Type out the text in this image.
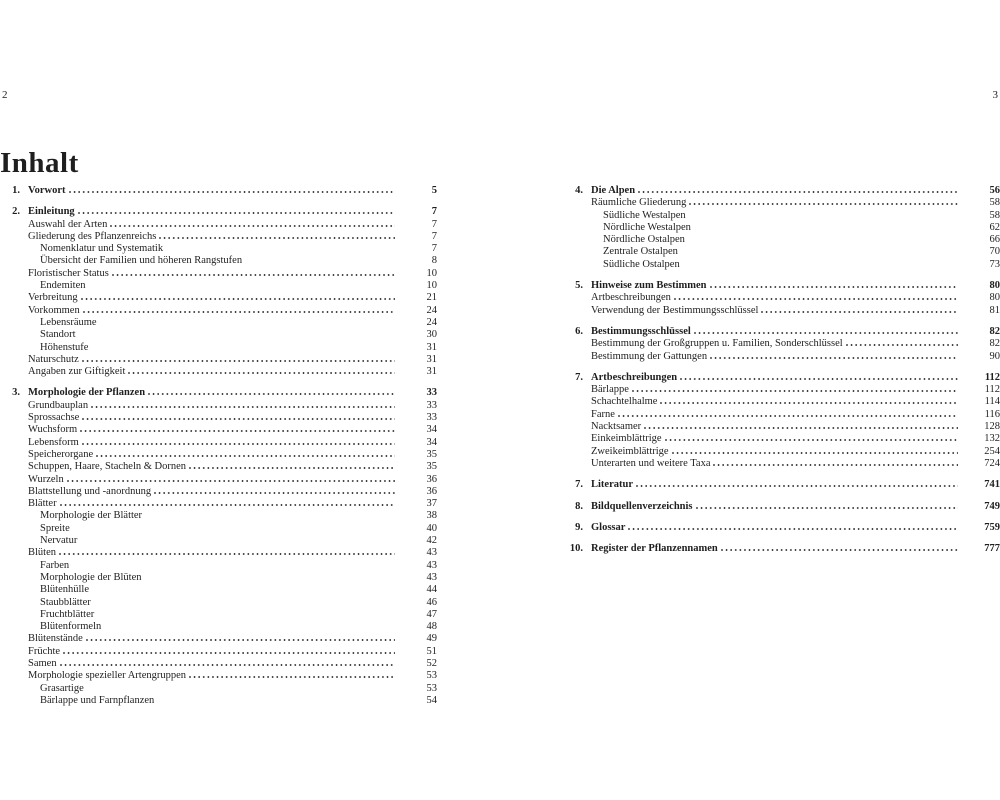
2	3
Inhalt
1. Vorwort	5
2. Einleitung	7
Auswahl der Arten	7
Gliederung des Pflanzenreichs	7
Nomenklatur und Systematik	7
Übersicht der Familien und höheren Rangstufen	8
Floristischer Status	10
Endemiten	10
Verbreitung	21
Vorkommen	24
Lebensräume	24
Standort	30
Höhenstufe	31
Naturschutz	31
Angaben zur Giftigkeit	31
3. Morphologie der Pflanzen	33
Grundbauplan	33
Sprossachse	33
Wuchsform	34
Lebensform	34
Speicherorgane	35
Schuppen, Haare, Stacheln & Dornen	35
Wurzeln	36
Blattstellung und -anordnung	36
Blätter	37
Morphologie der Blätter	38
Spreite	40
Nervatur	42
Blüten	43
Farben	43
Morphologie der Blüten	43
Blütenhülle	44
Staubblätter	46
Fruchtblätter	47
Blütenformeln	48
Blütenstände	49
Früchte	51
Samen	52
Morphologie spezieller Artengruppen	53
Grasartige	53
Bärlappe und Farnpflanzen	54
4. Die Alpen	56
Räumliche Gliederung	58
Südliche Westalpen	58
Nördliche Westalpen	62
Nördliche Ostalpen	66
Zentrale Ostalpen	70
Südliche Ostalpen	73
5. Hinweise zum Bestimmen	80
Artbeschreibungen	80
Verwendung der Bestimmungsschlüssel	81
6. Bestimmungsschlüssel	82
Bestimmung der Großgruppen u. Familien, Sonderschlüssel	82
Bestimmung der Gattungen	90
7. Artbeschreibungen	112
Bärlappe	112
Schachtelhalme	114
Farne	116
Nacktsamer	128
Einkeimblättrige	132
Zweikeimblättrige	254
Unterarten und weitere Taxa	724
7. Literatur	741
8. Bildquellenverzeichnis	749
9. Glossar	759
10. Register der Pflanzennamen	777
